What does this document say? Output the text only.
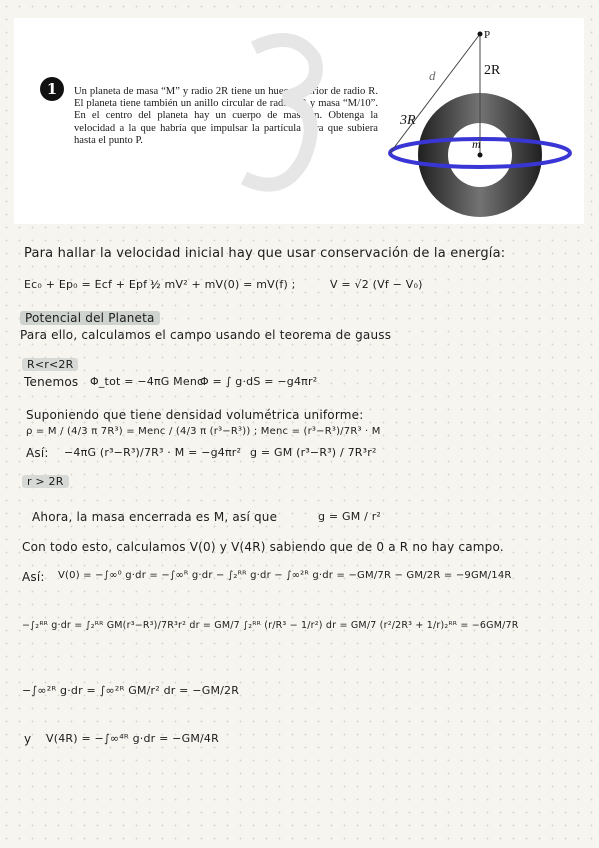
1	Un planeta de masa “M” y radio 2R tiene un hueco interior de radio R. El planeta tiene también un anillo circular de radio 3R y masa “M/10”. En el centro del planeta hay un cuerpo de masa m. Obtenga la velocidad a la que habría que impulsar la partícula para que subiera hasta el punto P.
P
2R
3R
d
m
Para hallar la velocidad inicial hay que usar conservación de la energía:
Ec₀ + Ep₀ = Ecf + Epf ;
½ mV² + mV(0) = mV(f) ;	V = √2 (Vf − V₀)
Potencial del Planeta
Para ello, calculamos el campo usando el teorema de gauss
R<r<2R
Tenemos Φ_tot = −4πG Menc
Φ = ∫ g·dS = −g4πr²
Suponiendo que tiene densidad volumétrica uniforme:
ρ = M / (4/3 π 7R³) = Menc / (4/3 π (r³−R³)) ; Menc = (r³−R³)/7R³ · M
Así: −4πG (r³−R³)/7R³ · M = −g4πr² g = GM (r³−R³) / 7R³r²
r > 2R
Ahora, la masa encerrada es M, así que	g = GM / r²
Con todo esto, calculamos V(0) y V(4R) sabiendo que de 0 a R no hay campo.
Así: V(0) = −∫∞⁰ g·dr = −∫∞ᴿ g·dr − ∫₂ᴿᴿ g·dr − ∫∞²ᴿ g·dr = −GM/7R − GM/2R = −9GM/14R
−∫₂ᴿᴿ g·dr = ∫₂ᴿᴿ GM(r³−R³)/7R³r² dr = GM/7 ∫₂ᴿᴿ (r/R³ − 1/r²) dr = GM/7 (r²/2R³ + 1/r)₂ᴿᴿ = −6GM/7R
−∫∞²ᴿ g·dr = ∫∞²ᴿ GM/r² dr = −GM/2R
y V(4R) = −∫∞⁴ᴿ g·dr = −GM/4R
